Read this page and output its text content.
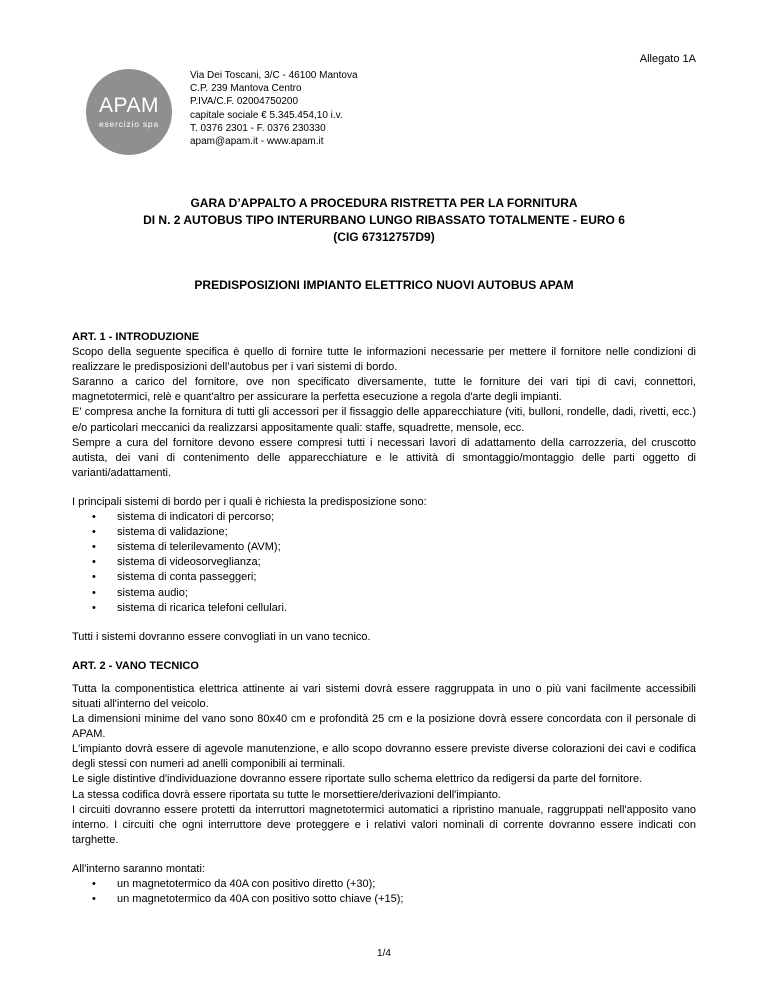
Allegato 1A
APAM
esercizio spa
Via Dei Toscani, 3/C - 46100 Mantova
C.P. 239 Mantova Centro
P.IVA/C.F. 02004750200
capitale sociale € 5.345.454,10 i.v.
T. 0376 2301 - F. 0376 230330
apam@apam.it - www.apam.it
GARA D’APPALTO A PROCEDURA RISTRETTA PER LA FORNITURA
DI N. 2 AUTOBUS TIPO INTERURBANO LUNGO RIBASSATO TOTALMENTE - EURO 6
(CIG 67312757D9)
PREDISPOSIZIONI IMPIANTO ELETTRICO NUOVI AUTOBUS APAM
ART. 1 - INTRODUZIONE

Scopo della seguente specifica è quello di fornire tutte le informazioni necessarie per mettere il fornitore nelle condizioni di realizzare le predisposizioni dell’autobus per i vari sistemi di bordo.

Saranno a carico del fornitore, ove non specificato diversamente, tutte le forniture dei vari tipi di cavi, connettori, magnetotermici, relè e quant'altro per assicurare la perfetta esecuzione a regola d'arte degli impianti.

E' compresa anche la fornitura di tutti gli accessori per il fissaggio delle apparecchiature (viti, bulloni, rondelle, dadi, rivetti, ecc.) e/o particolari meccanici da realizzarsi appositamente quali: staffe, squadrette, mensole, ecc.

Sempre a cura del fornitore devono essere compresi tutti i necessari lavori di adattamento della carrozzeria, del cruscotto autista, dei vani di contenimento delle apparecchiature e le attività di smontaggio/montaggio delle parti oggetto di varianti/adattamenti.

I principali sistemi di bordo per i quali è richiesta la predisposizione sono:

• sistema di indicatori di percorso;
• sistema di validazione;
• sistema di telerilevamento (AVM);
• sistema di videosorveglianza;
• sistema di conta passeggeri;
• sistema audio;
• sistema di ricarica telefoni cellulari.

Tutti i sistemi dovranno essere convogliati in un vano tecnico.

ART. 2 - VANO TECNICO

Tutta la componentistica elettrica attinente ai vari sistemi dovrà essere raggruppata in uno o più vani facilmente accessibili situati all'interno del veicolo.

La dimensioni minime del vano sono 80x40 cm e profondità 25 cm e la posizione dovrà essere concordata con il personale di APAM.

L'impianto dovrà essere di agevole manutenzione, e allo scopo dovranno essere previste diverse colorazioni dei cavi e codifica degli stessi con numeri ad anelli componibili ai terminali.

Le sigle distintive d'individuazione dovranno essere riportate sullo schema elettrico da redigersi da parte del fornitore.

La stessa codifica dovrà essere riportata su tutte le morsettiere/derivazioni dell'impianto.

I circuiti dovranno essere protetti da interruttori magnetotermici automatici a ripristino manuale, raggruppati nell'apposito vano interno. I circuiti che ogni interruttore deve proteggere e i relativi valori nominali di corrente dovranno essere indicati con targhette.

All'interno saranno montati:

• un magnetotermico da 40A con positivo diretto (+30);
• un magnetotermico da 40A con positivo sotto chiave (+15);
1/4
